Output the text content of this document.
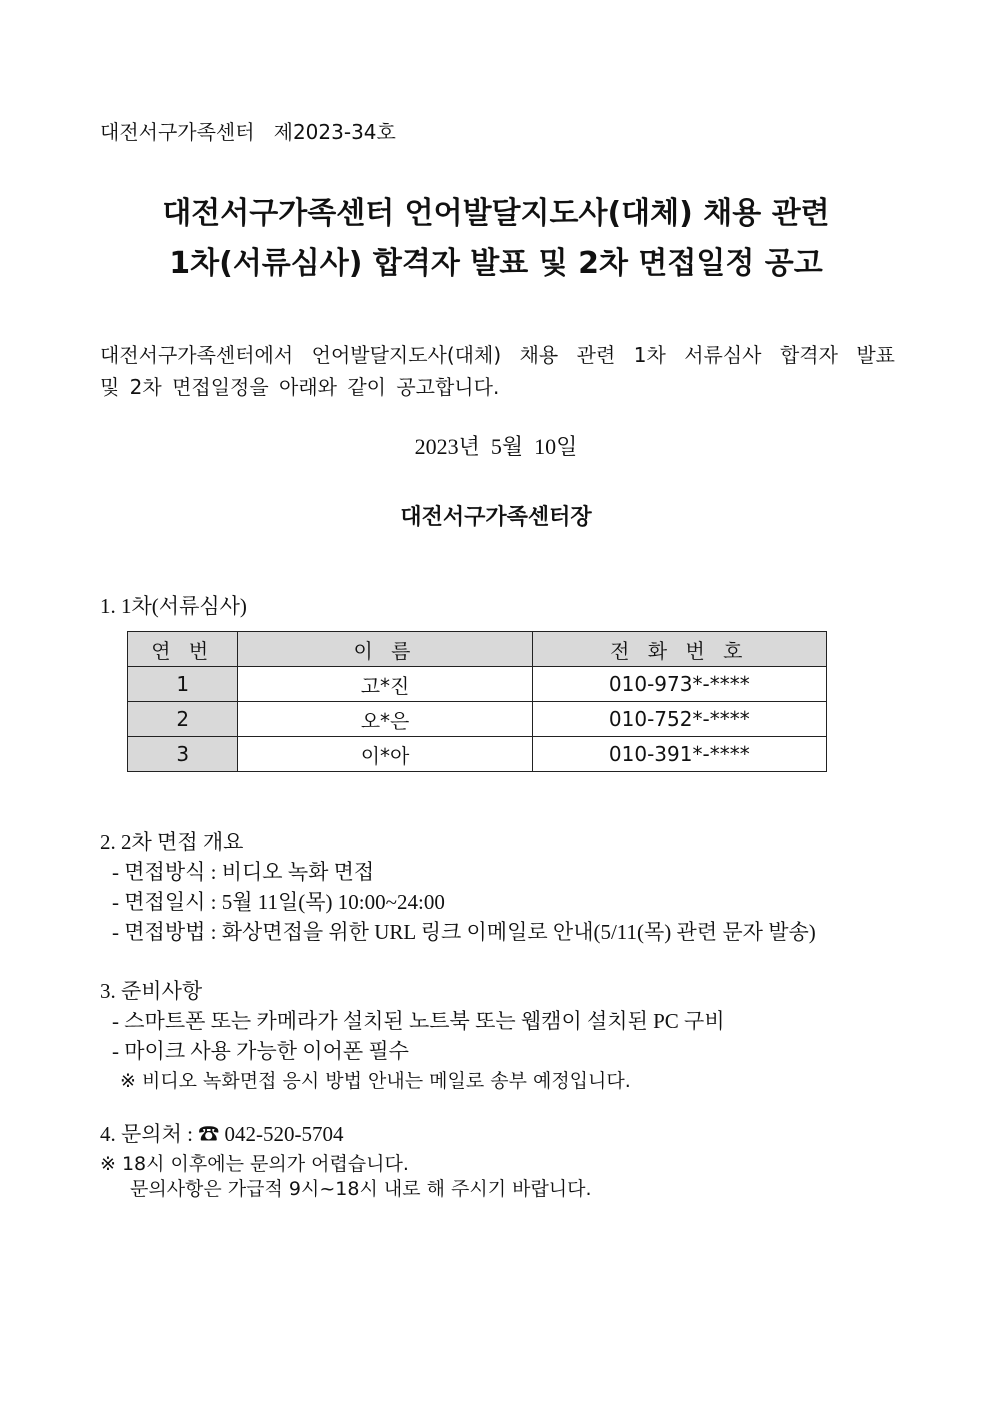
대전서구가족센터   제2023-34호
대전서구가족센터 언어발달지도사(대체) 채용 관련
1차(서류심사) 합격자 발표 및 2차 면접일정 공고
대전서구가족센터에서 언어발달지도사(대체) 채용 관련 1차 서류심사 합격자 발표
및 2차 면접일정을 아래와 같이 공고합니다.
2023년  5월  10일
대전서구가족센터장
1. 1차(서류심사)
연 번	이 름	전 화 번 호
1	고*진	010-973*-****
2	오*은	010-752*-****
3	이*아	010-391*-****
2. 2차 면접 개요
- 면접방식 : 비디오 녹화 면접
- 면접일시 : 5월 11일(목) 10:00~24:00
- 면접방법 : 화상면접을 위한 URL 링크 이메일로 안내(5/11(목) 관련 문자 발송)
3. 준비사항
- 스마트폰 또는 카메라가 설치된 노트북 또는 웹캠이 설치된 PC 구비
- 마이크 사용 가능한 이어폰 필수
※ 비디오 녹화면접 응시 방법 안내는 메일로 송부 예정입니다.
4. 문의처 : ☎ 042-520-5704
※ 18시 이후에는 문의가 어렵습니다.
문의사항은 가급적 9시~18시 내로 해 주시기 바랍니다.
